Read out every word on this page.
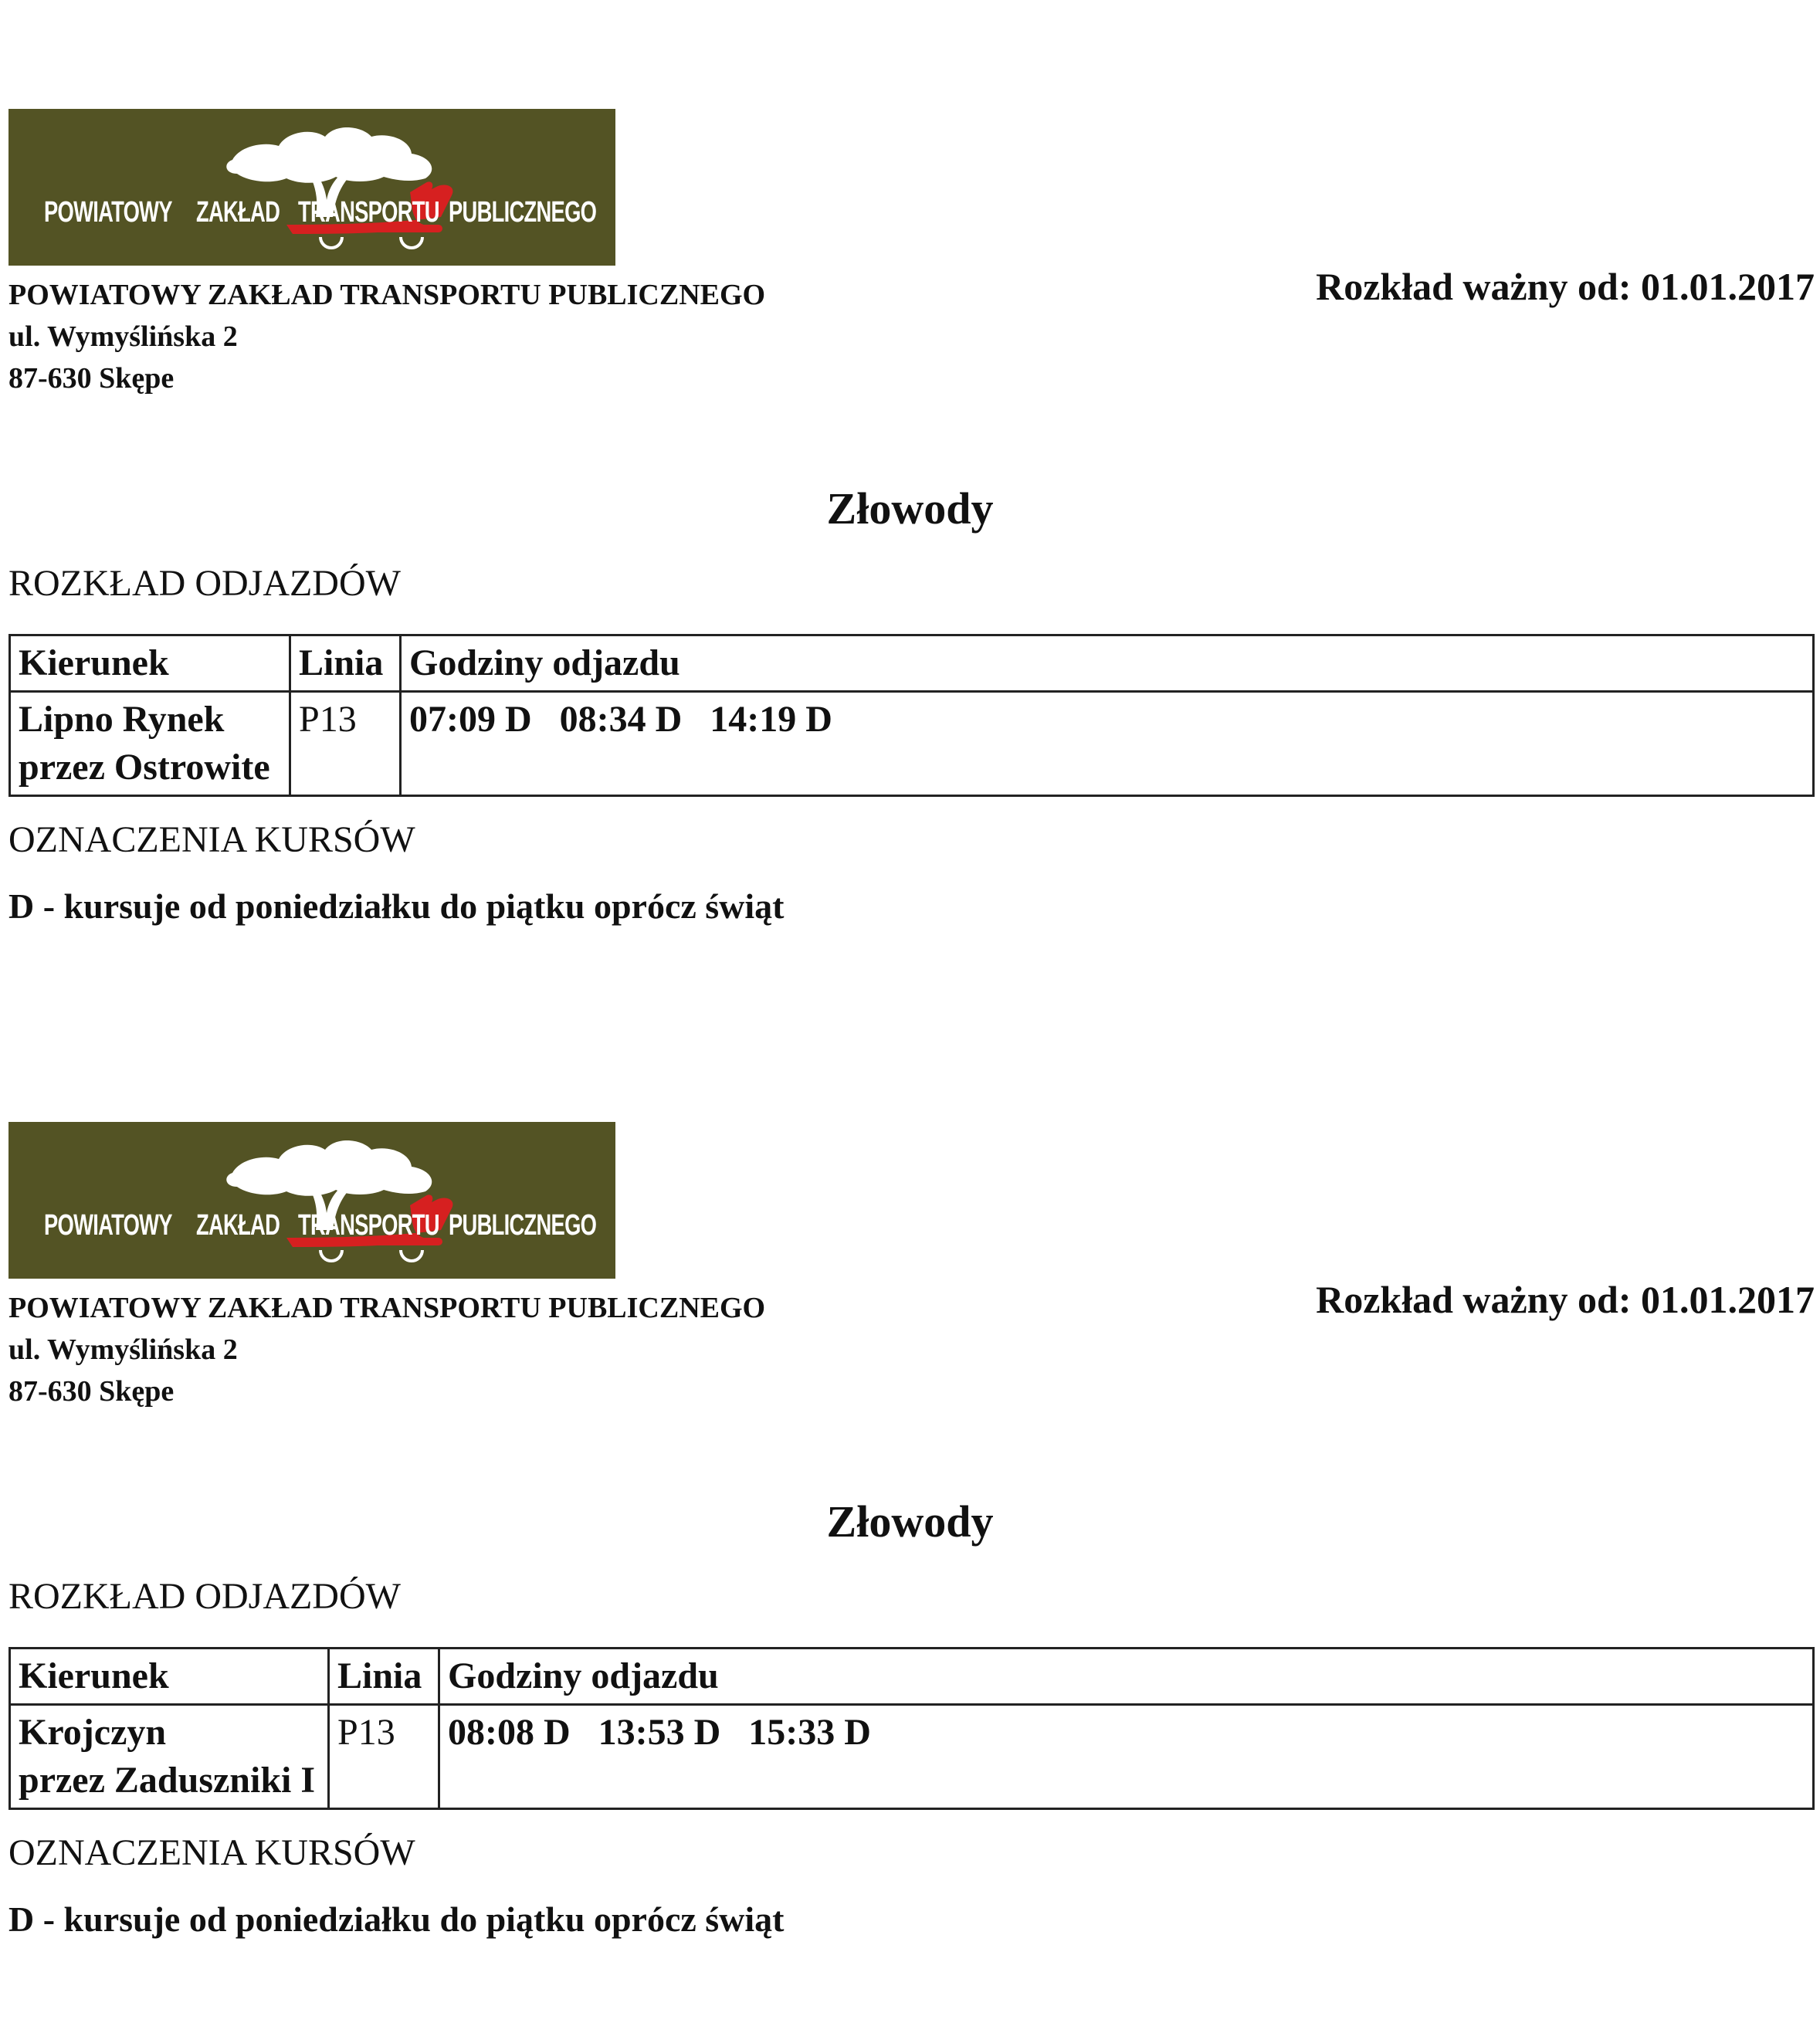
POWIATOWY ZAKŁAD TRANSPORTU PUBLICZNEGO
POWIATOWY ZAKŁAD TRANSPORTU PUBLICZNEGO
ul. Wymyślińska 2
87-630 Skępe
Rozkład ważny od: 01.01.2017
Złowody
ROZKŁAD ODJAZDÓW
Kierunek	Linia	Godziny odjazdu

Lipno Rynek
przez Ostrowite	P13	07:09 D   08:34 D   14:19 D
OZNACZENIA KURSÓW
D - kursuje od poniedziałku do piątku oprócz świąt
POWIATOWY ZAKŁAD TRANSPORTU PUBLICZNEGO
POWIATOWY ZAKŁAD TRANSPORTU PUBLICZNEGO
ul. Wymyślińska 2
87-630 Skępe
Rozkład ważny od: 01.01.2017
Złowody
ROZKŁAD ODJAZDÓW
Kierunek	Linia	Godziny odjazdu

Krojczyn
przez Zaduszniki I	P13	08:08 D   13:53 D   15:33 D
OZNACZENIA KURSÓW
D - kursuje od poniedziałku do piątku oprócz świąt
